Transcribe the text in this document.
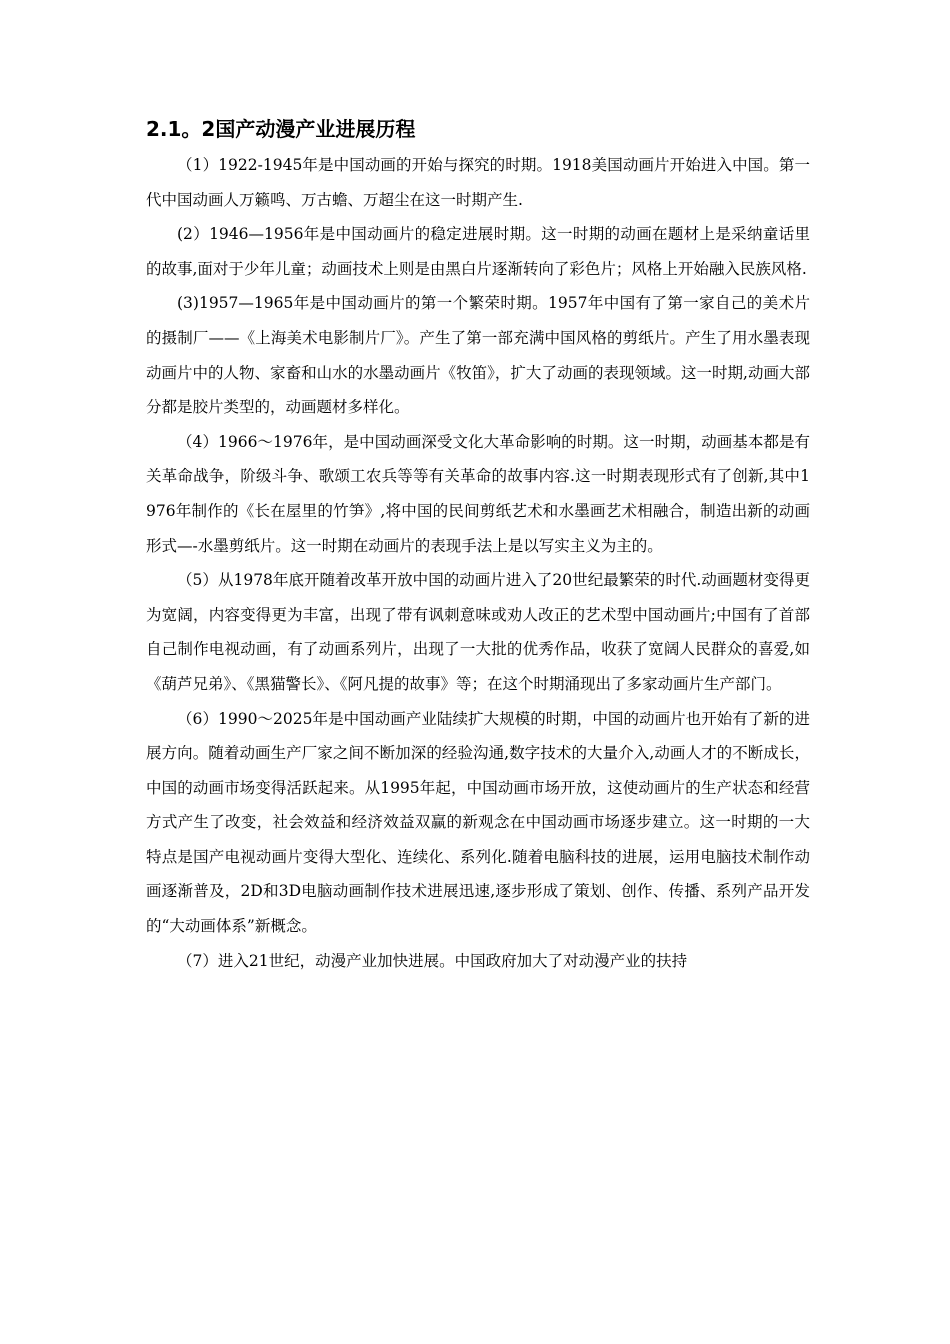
2.1。2国产动漫产业进展历程

（1）1922-1945年是中国动画的开始与探究的时期。1918美国动画片开始进入中国。第一代中国动画人万籁鸣、万古蟾、万超尘在这一时期产生.

(2）1946—1956年是中国动画片的稳定进展时期。这一时期的动画在题材上是采纳童话里的故事,面对于少年儿童；动画技术上则是由黑白片逐渐转向了彩色片；风格上开始融入民族风格.

(3)1957—1965年是中国动画片的第一个繁荣时期。1957年中国有了第一家自己的美术片的摄制厂——《上海美术电影制片厂》。产生了第一部充满中国风格的剪纸片。产生了用水墨表现动画片中的人物、家畜和山水的水墨动画片《牧笛》，扩大了动画的表现领域。这一时期,动画大部分都是胶片类型的，动画题材多样化。

（4）1966～1976年，是中国动画深受文化大革命影响的时期。这一时期，动画基本都是有关革命战争，阶级斗争、歌颂工农兵等等有关革命的故事内容.这一时期表现形式有了创新,其中1976年制作的《长在屋里的竹笋》,将中国的民间剪纸艺术和水墨画艺术相融合，制造出新的动画形式—-水墨剪纸片。这一时期在动画片的表现手法上是以写实主义为主的。

（5）从1978年底开随着改革开放中国的动画片进入了20世纪最繁荣的时代.动画题材变得更为宽阔，内容变得更为丰富，出现了带有讽刺意味或劝人改正的艺术型中国动画片;中国有了首部自己制作电视动画，有了动画系列片，出现了一大批的优秀作品，收获了宽阔人民群众的喜爱,如《葫芦兄弟》、《黑猫警长》、《阿凡提的故事》等；在这个时期涌现出了多家动画片生产部门。

（6）1990～2025年是中国动画产业陆续扩大规模的时期，中国的动画片也开始有了新的进展方向。随着动画生产厂家之间不断加深的经验沟通,数字技术的大量介入,动画人才的不断成长，中国的动画市场变得活跃起来。从1995年起，中国动画市场开放，这使动画片的生产状态和经营方式产生了改变，社会效益和经济效益双赢的新观念在中国动画市场逐步建立。这一时期的一大特点是国产电视动画片变得大型化、连续化、系列化.随着电脑科技的进展，运用电脑技术制作动画逐渐普及，2D和3D电脑动画制作技术进展迅速,逐步形成了策划、创作、传播、系列产品开发的“大动画体系”新概念。

（7）进入21世纪，动漫产业加快进展。中国政府加大了对动漫产业的扶持
